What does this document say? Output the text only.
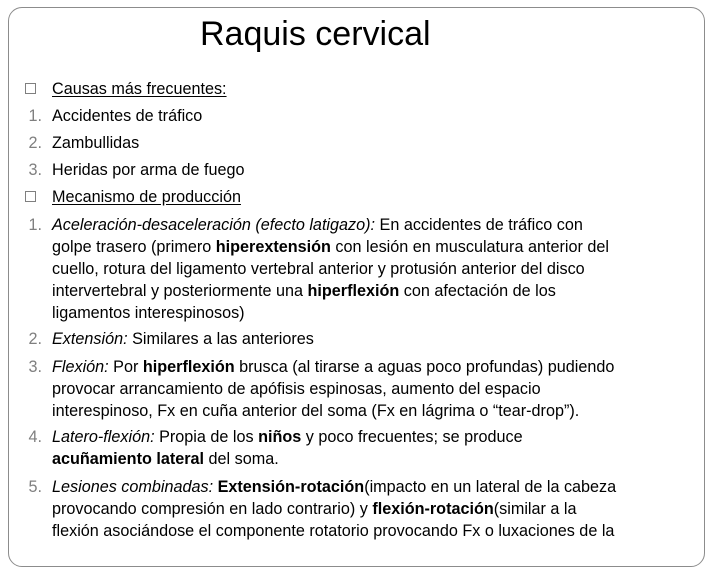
Raquis cervical
Causas más frecuentes:
1. Accidentes de tráfico
2. Zambullidas
3. Heridas por arma de fuego
Mecanismo de producción
1. Aceleración-desaceleración (efecto latigazo): En accidentes de tráfico con
golpe trasero (primero hiperextensión con lesión en musculatura anterior del
cuello, rotura del ligamento vertebral anterior y protusión anterior del disco
intervertebral y posteriormente una hiperflexión con afectación de los
ligamentos interespinosos)
2. Extensión: Similares a las anteriores
3. Flexión: Por hiperflexión brusca (al tirarse a aguas poco profundas) pudiendo
provocar arrancamiento de apófisis espinosas, aumento del espacio
interespinoso, Fx en cuña anterior del soma (Fx en lágrima o “tear-drop”).
4. Latero-flexión: Propia de los niños y poco frecuentes; se produce
acuñamiento lateral del soma.
5. Lesiones combinadas: Extensión-rotación(impacto en un lateral de la cabeza
provocando compresión en lado contrario) y flexión-rotación(similar a la
flexión asociándose el componente rotatorio provocando Fx o luxaciones de la
